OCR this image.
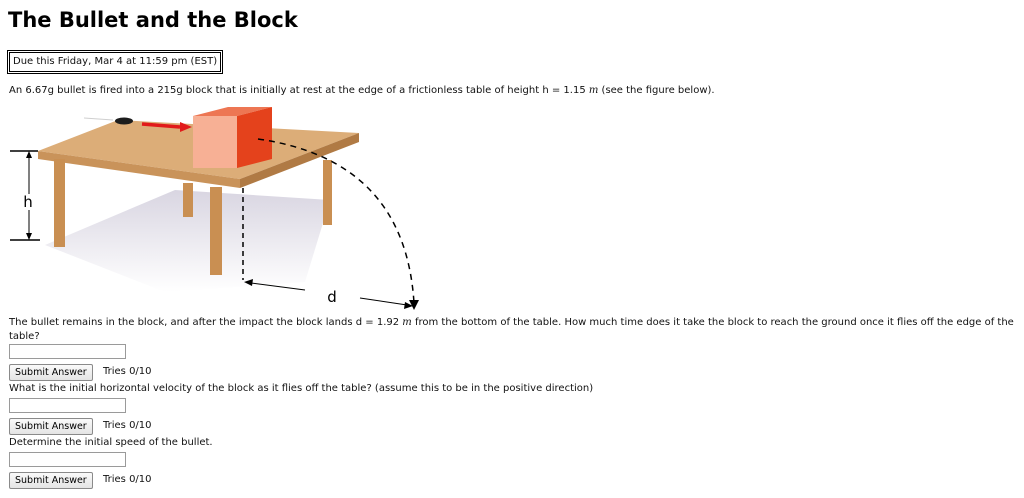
The Bullet and the Block
Due this Friday, Mar 4 at 11:59 pm (EST)
An 6.67g bullet is fired into a 215g block that is initially at rest at the edge of a frictionless table of height h = 1.15 m (see the figure below).
h
d
The bullet remains in the block, and after the impact the block lands d = 1.92 m from the bottom of the table. How much time does it take the block to reach the ground once it flies off the edge of the table?
Submit Answer	Tries 0/10
What is the initial horizontal velocity of the block as it flies off the table? (assume this to be in the positive direction)
Submit Answer	Tries 0/10
Determine the initial speed of the bullet.
Submit Answer	Tries 0/10
